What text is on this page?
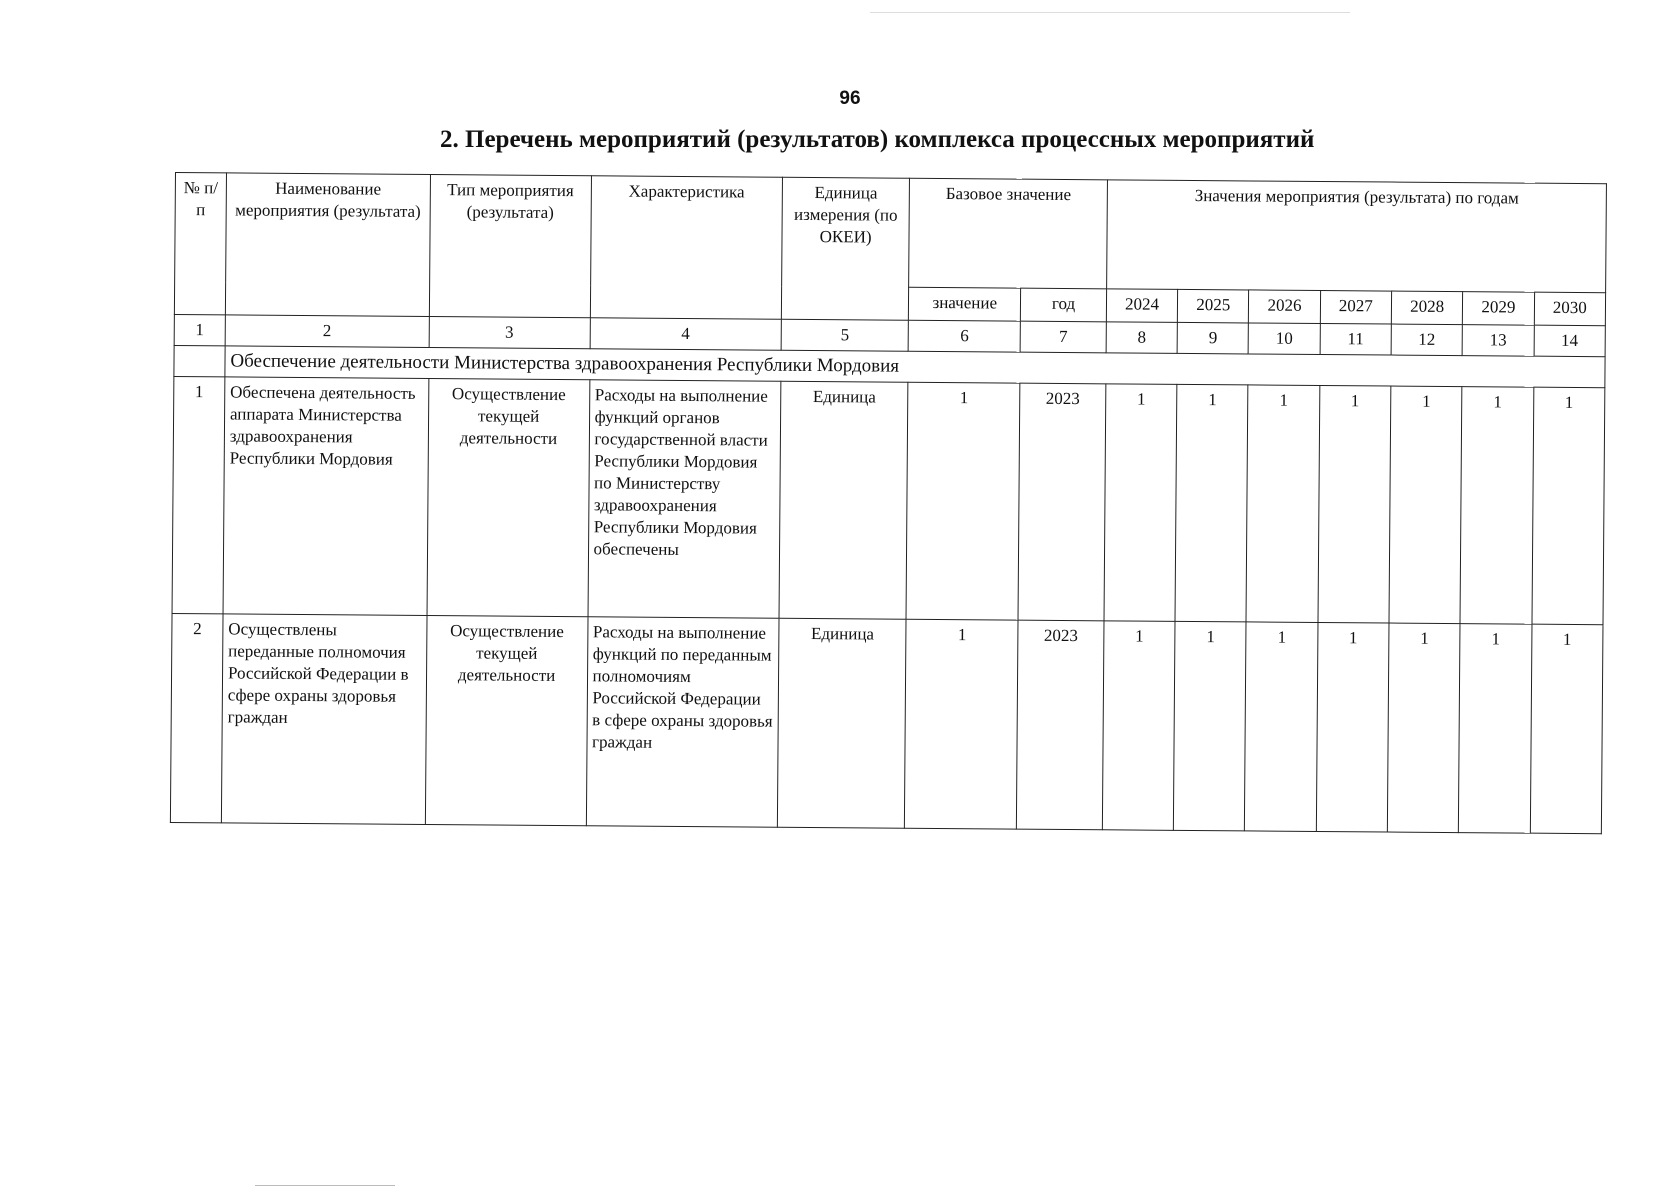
96
2. Перечень мероприятий (результатов) комплекса процессных мероприятий
№ п/п	Наименование мероприятия (результата)	Тип мероприятия (результата)	Характеристика	Единица измерения (по ОКЕИ)	Базовое значение		Значения мероприятия (результата) по годам						
					значение	год	2024	2025	2026	2027	2028	2029	2030
1	2	3	4	5	6	7	8	9	10	11	12	13	14
	Обеспечение деятельности Министерства здравоохранения Республики Мордовия												
1	Обеспечена деятельность аппарата Министерства здравоохранения Республики Мордовия	Осуществление текущей деятельности	Расходы на выполнение функций органов государственной власти Республики Мордовия по Министерству здравоохранения Республики Мордовия обеспечены	Единица	1	2023	1	1	1	1	1	1	1
2	Осуществлены переданные полномочия Российской Федерации в сфере охраны здоровья граждан	Осуществление текущей деятельности	Расходы на выполнение функций по переданным полномочиям Российской Федерации в сфере охраны здоровья граждан	Единица	1	2023	1	1	1	1	1	1	1
